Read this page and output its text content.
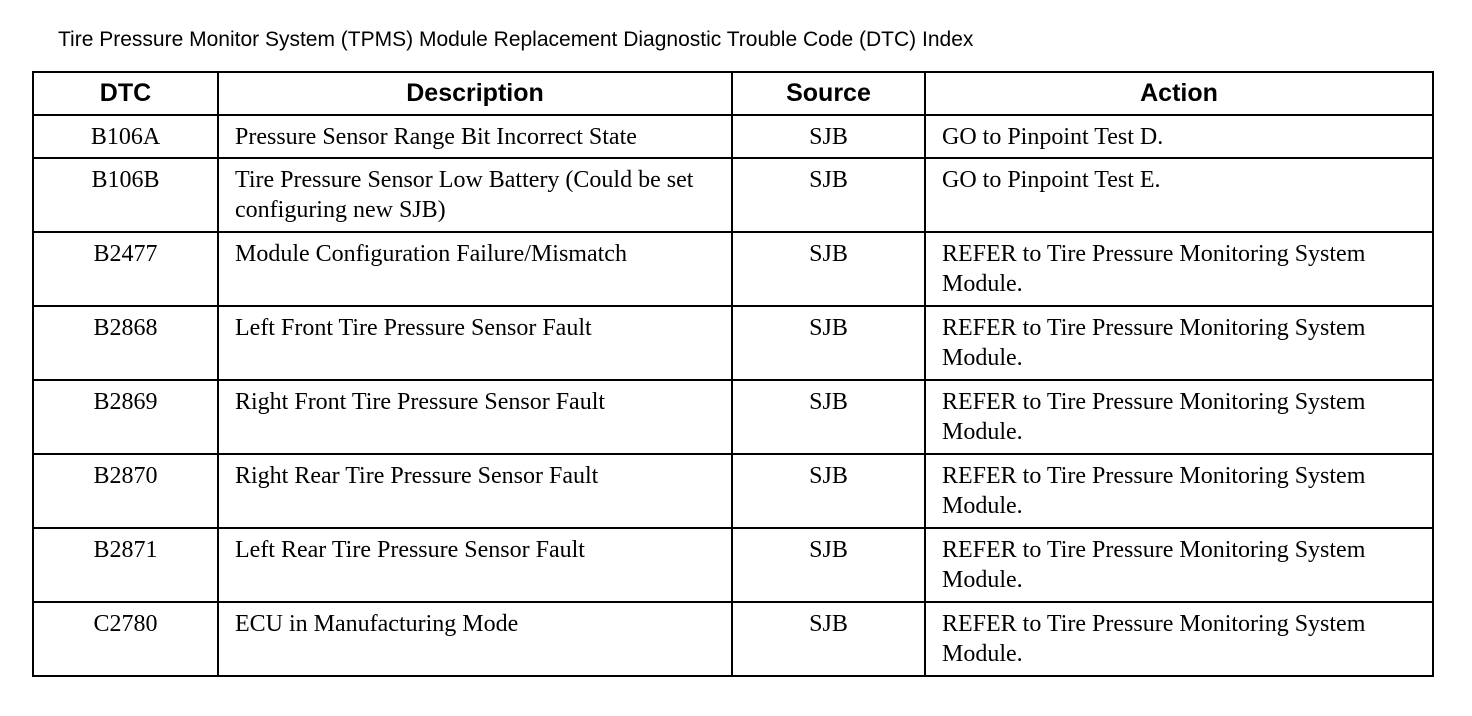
Tire Pressure Monitor System (TPMS) Module Replacement Diagnostic Trouble Code (DTC) Index
DTC	Description	Source	Action

B106A	Pressure Sensor Range Bit Incorrect State	SJB	GO to Pinpoint Test D.

B106B	Tire Pressure Sensor Low Battery (Could be set configuring new SJB)	SJB	GO to Pinpoint Test E.

B2477	Module Configuration Failure/Mismatch	SJB	REFER to Tire Pressure Monitoring System Module.

B2868	Left Front Tire Pressure Sensor Fault	SJB	REFER to Tire Pressure Monitoring System Module.

B2869	Right Front Tire Pressure Sensor Fault	SJB	REFER to Tire Pressure Monitoring System Module.

B2870	Right Rear Tire Pressure Sensor Fault	SJB	REFER to Tire Pressure Monitoring System Module.

B2871	Left Rear Tire Pressure Sensor Fault	SJB	REFER to Tire Pressure Monitoring System Module.

C2780	ECU in Manufacturing Mode	SJB	REFER to Tire Pressure Monitoring System Module.
